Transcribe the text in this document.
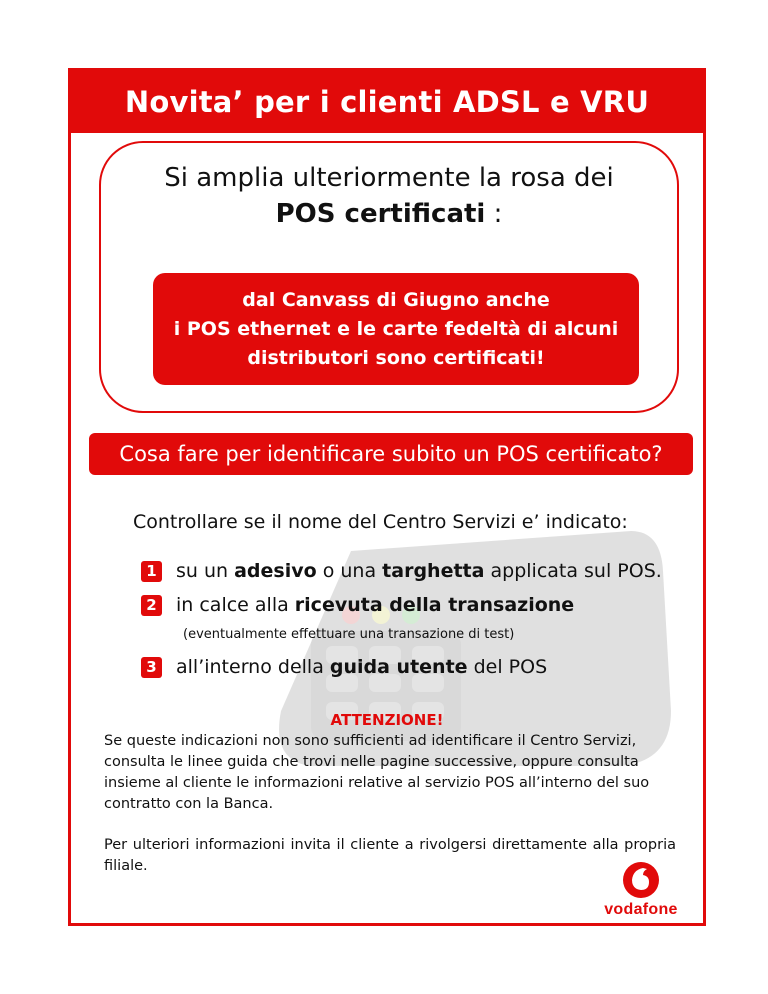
Novita’ per i clienti ADSL e VRU
Si amplia ulteriormente la rosa dei
POS certificati :
dal Canvass di Giugno anche
i POS ethernet e le carte fedeltà di alcuni
distributori sono certificati!
Cosa fare per identificare subito un POS certificato?
Controllare se il nome del Centro Servizi e’ indicato:
1 su un adesivo o una targhetta applicata sul POS.
2 in calce alla ricevuta della transazione
(eventualmente effettuare una transazione di test)
3 all’interno della guida utente del POS
ATTENZIONE!
Se queste indicazioni non sono sufficienti ad identificare il Centro Servizi, consulta le linee guida che trovi nelle pagine successive, oppure consulta insieme al cliente le informazioni relative al servizio POS all’interno del suo contratto con la Banca.
Per ulteriori informazioni invita il cliente a rivolgersi direttamente alla propria filiale.
vodafone
